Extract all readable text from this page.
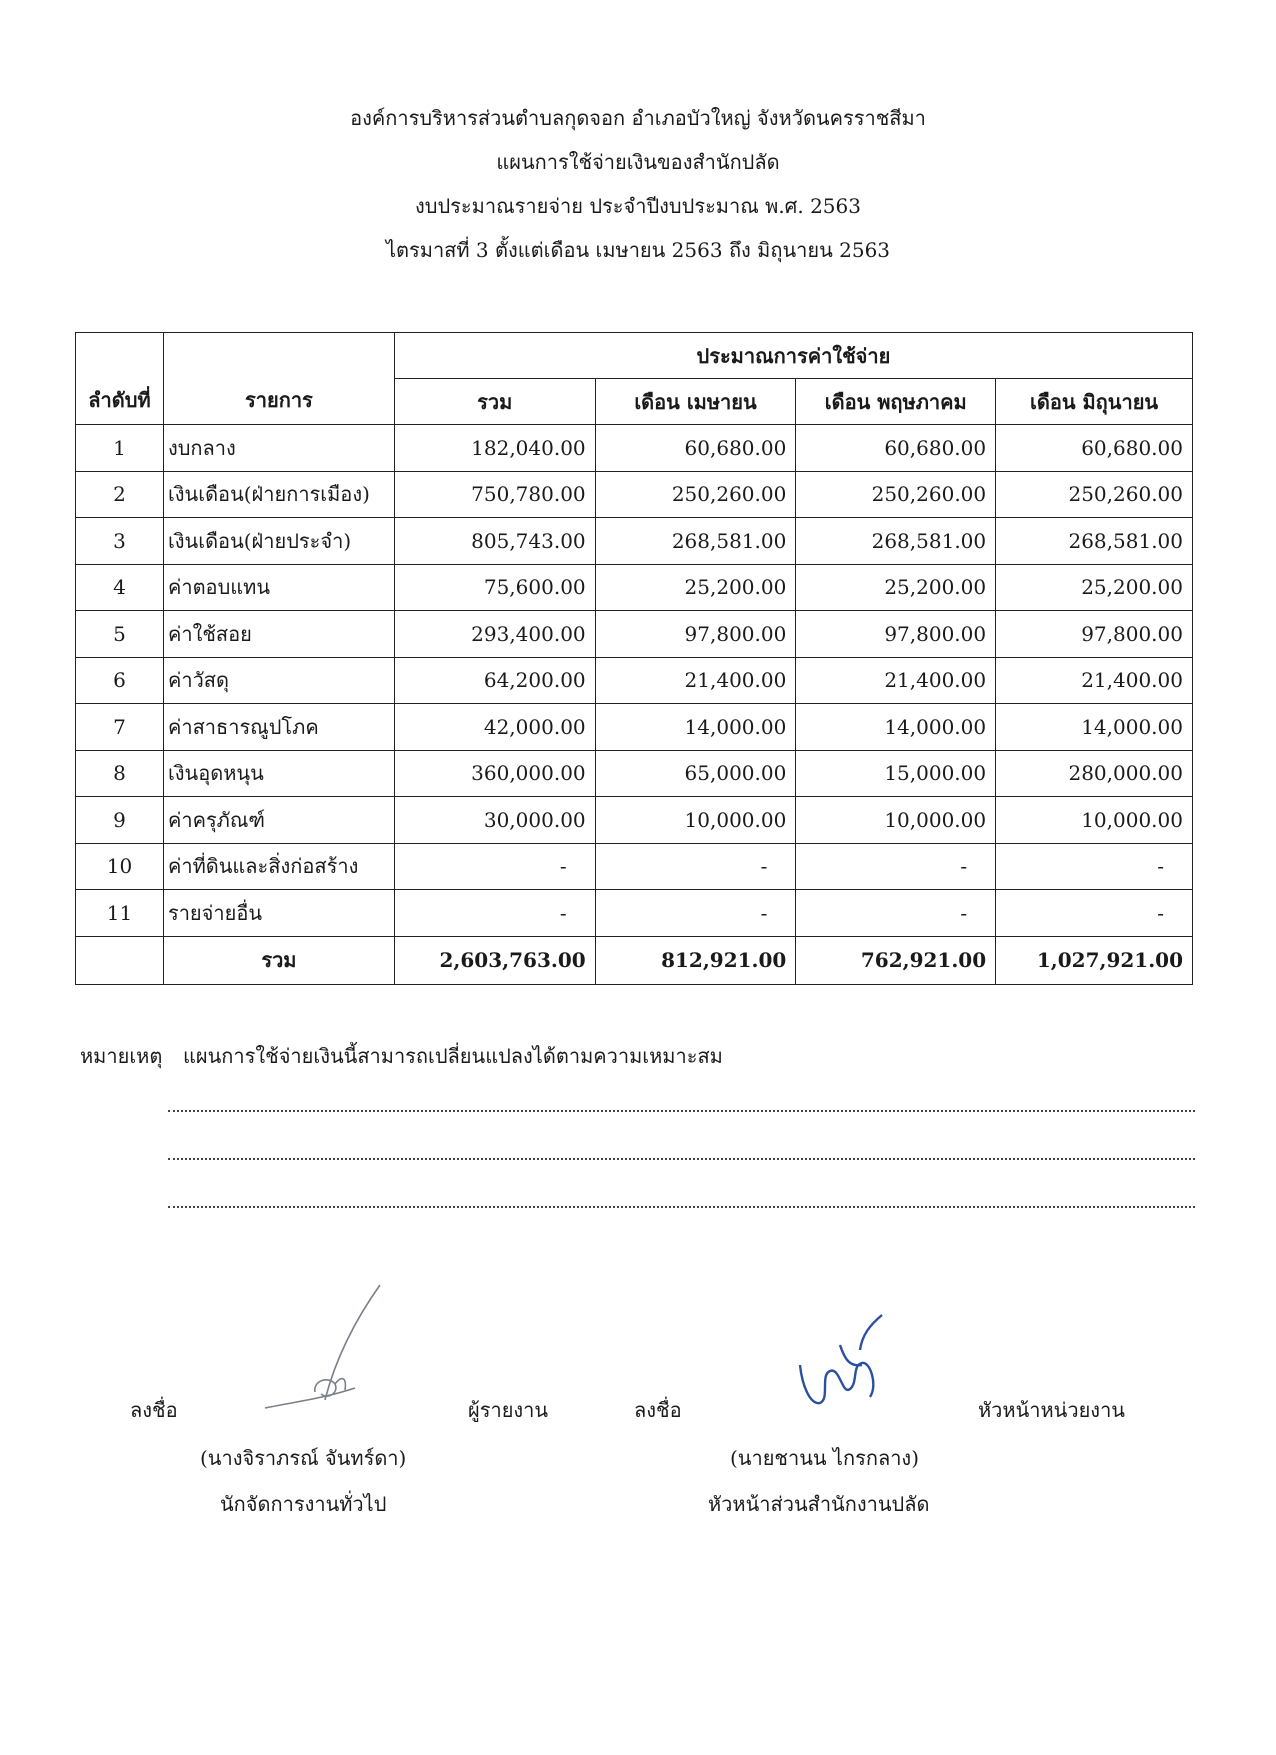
องค์การบริหารส่วนตำบลกุดจอก อำเภอบัวใหญ่ จังหวัดนครราชสีมา
แผนการใช้จ่ายเงินของสำนักปลัด
งบประมาณรายจ่าย ประจำปีงบประมาณ พ.ศ. 2563
ไตรมาสที่ 3 ตั้งแต่เดือน เมษายน 2563 ถึง มิถุนายน 2563
ลำดับที่	รายการ	ประมาณการค่าใช้จ่าย			
		รวม	เดือน เมษายน	เดือน พฤษภาคม	เดือน มิถุนายน
1	งบกลาง	182,040.00	60,680.00	60,680.00	60,680.00
2	เงินเดือน(ฝ่ายการเมือง)	750,780.00	250,260.00	250,260.00	250,260.00
3	เงินเดือน(ฝ่ายประจำ)	805,743.00	268,581.00	268,581.00	268,581.00
4	ค่าตอบแทน	75,600.00	25,200.00	25,200.00	25,200.00
5	ค่าใช้สอย	293,400.00	97,800.00	97,800.00	97,800.00
6	ค่าวัสดุ	64,200.00	21,400.00	21,400.00	21,400.00
7	ค่าสาธารณูปโภค	42,000.00	14,000.00	14,000.00	14,000.00
8	เงินอุดหนุน	360,000.00	65,000.00	15,000.00	280,000.00
9	ค่าครุภัณฑ์	30,000.00	10,000.00	10,000.00	10,000.00
10	ค่าที่ดินและสิ่งก่อสร้าง	-	-	-	-
11	รายจ่ายอื่น	-	-	-	-
	รวม	2,603,763.00	812,921.00	762,921.00	1,027,921.00
หมายเหตุ แผนการใช้จ่ายเงินนี้สามารถเปลี่ยนแปลงได้ตามความเหมาะสม
ลงชื่อ	ผู้รายงาน
(นางจิราภรณ์ จันทร์ดา)
นักจัดการงานทั่วไป
ลงชื่อ	หัวหน้าหน่วยงาน
(นายชานน ไกรกลาง)
หัวหน้าส่วนสำนักงานปลัด
